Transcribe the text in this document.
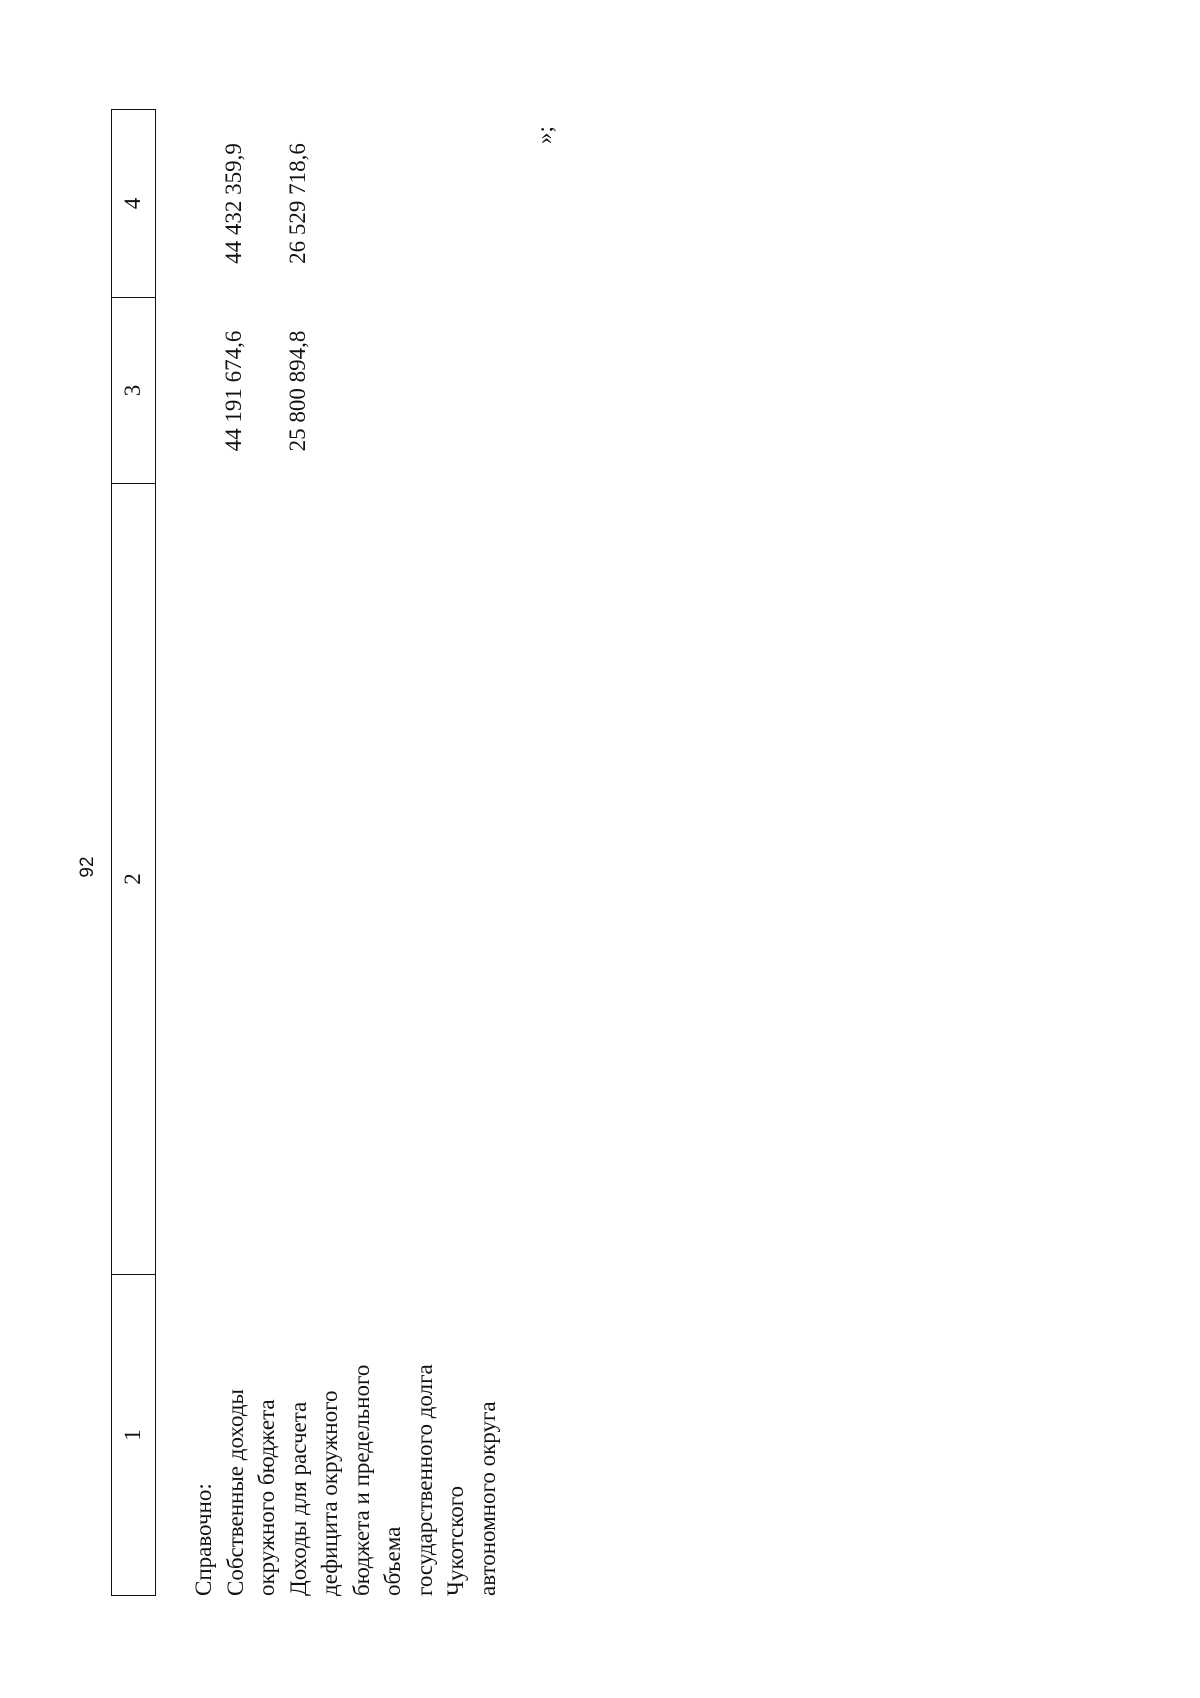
92
1
2
3
4
Справочно: Собственные доходы окружного бюджета Доходы для расчета дефицита окружного бюджета и предельного объема государственного долга Чукотского автономного округа
44 191 674,6
44 432 359,9
25 800 894,8
26 529 718,6
»;
